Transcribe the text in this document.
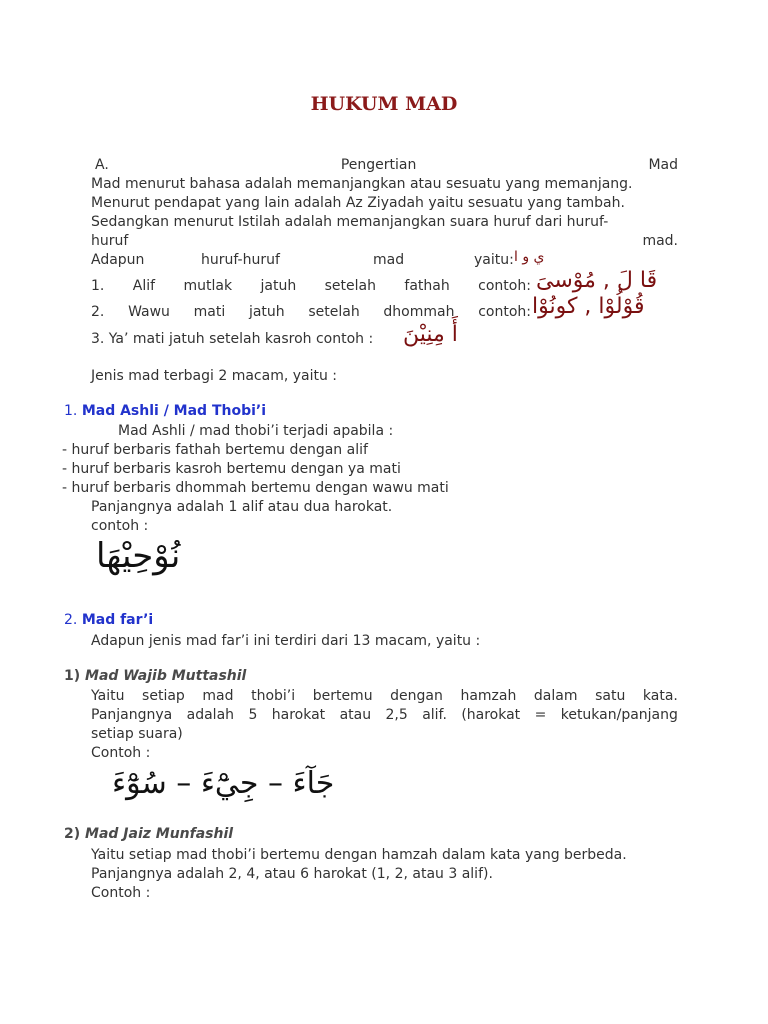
HUKUM MAD
A.	Pengertian	Mad
Mad menurut bahasa adalah memanjangkan atau sesuatu yang memanjang.
Menurut pendapat yang lain adalah Az Ziyadah yaitu sesuatu yang tambah.
Sedangkan menurut Istilah adalah memanjangkan suara huruf dari huruf-
huruf	mad.
Adapun	huruf-huruf	mad	yaitu: ي و ا
1. Alif mutlak jatuh setelah fathah contoh: قَا لَ , مُوْسىَ
2. Wawu mati jatuh setelah dhommah contoh: قُوْلُوْا , كونُوْا
3. Ya’ mati jatuh setelah kasroh contoh : أَ مِنِيْنَ
Jenis mad terbagi 2 macam, yaitu :
1. Mad Ashli / Mad Thobi’i
Mad Ashli / mad thobi’i terjadi apabila :
- huruf berbaris fathah bertemu dengan alif
- huruf berbaris kasroh bertemu dengan ya mati
- huruf berbaris dhommah bertemu dengan wawu mati
Panjangnya adalah 1 alif atau dua harokat.
contoh :
نُوْحِيْهَا
2. Mad far’i
Adapun jenis mad far’i ini terdiri dari 13 macam, yaitu :
1) Mad Wajib Muttashil
Yaitu setiap mad thobi’i bertemu dengan hamzah dalam satu kata.
Panjangnya adalah 5 harokat atau 2,5 alif. (harokat = ketukan/panjang
setiap suara)
Contoh :
جَآءَ – جِيْٓءَ – سُوْٓءَ
2) Mad Jaiz Munfashil
Yaitu setiap mad thobi’i bertemu dengan hamzah dalam kata yang berbeda.
Panjangnya adalah 2, 4, atau 6 harokat (1, 2, atau 3 alif).
Contoh :
